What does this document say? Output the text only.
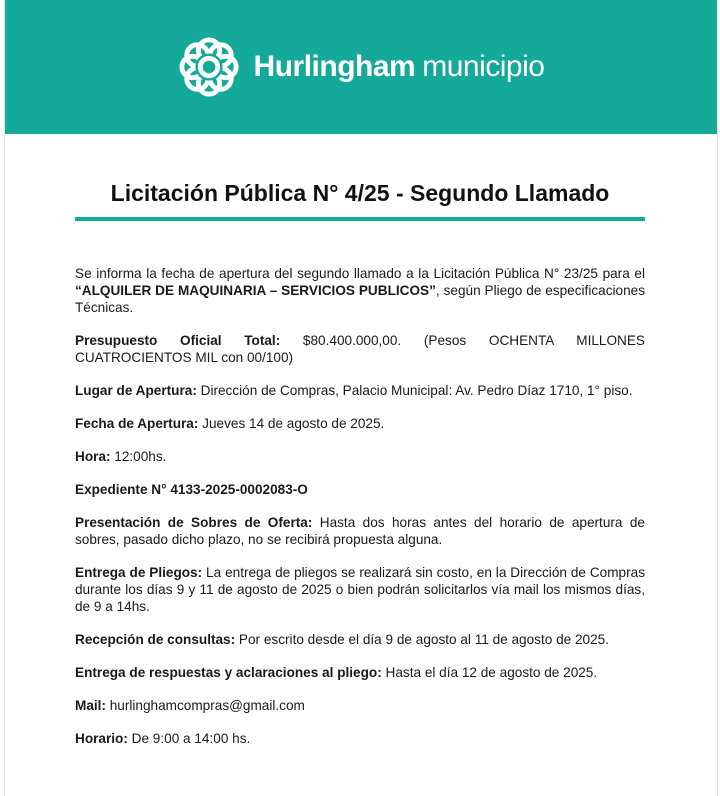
Hurlingham municipio
Licitación Pública N° 4/25 - Segundo Llamado

Se informa la fecha de apertura del segundo llamado a la Licitación Pública N° 23/25 para el “ALQUILER DE MAQUINARIA – SERVICIOS PUBLICOS”, según Pliego de especificaciones Técnicas.

Presupuesto Oficial Total: $80.400.000,00. (Pesos OCHENTA MILLONES CUATROCIENTOS MIL con 00/100)

Lugar de Apertura: Dirección de Compras, Palacio Municipal: Av. Pedro Díaz 1710, 1° piso.

Fecha de Apertura: Jueves 14 de agosto de 2025.

Hora: 12:00hs.

Expediente N° 4133-2025-0002083-O

Presentación de Sobres de Oferta: Hasta dos horas antes del horario de apertura de sobres, pasado dicho plazo, no se recibirá propuesta alguna.

Entrega de Pliegos: La entrega de pliegos se realizará sin costo, en la Dirección de Compras durante los días 9 y 11 de agosto de 2025 o bien podrán solicitarlos vía mail los mismos días, de 9 a 14hs.

Recepción de consultas: Por escrito desde el día 9 de agosto al 11 de agosto de 2025.

Entrega de respuestas y aclaraciones al pliego: Hasta el día 12 de agosto de 2025.

Mail: hurlinghamcompras@gmail.com

Horario: De 9:00 a 14:00 hs.
